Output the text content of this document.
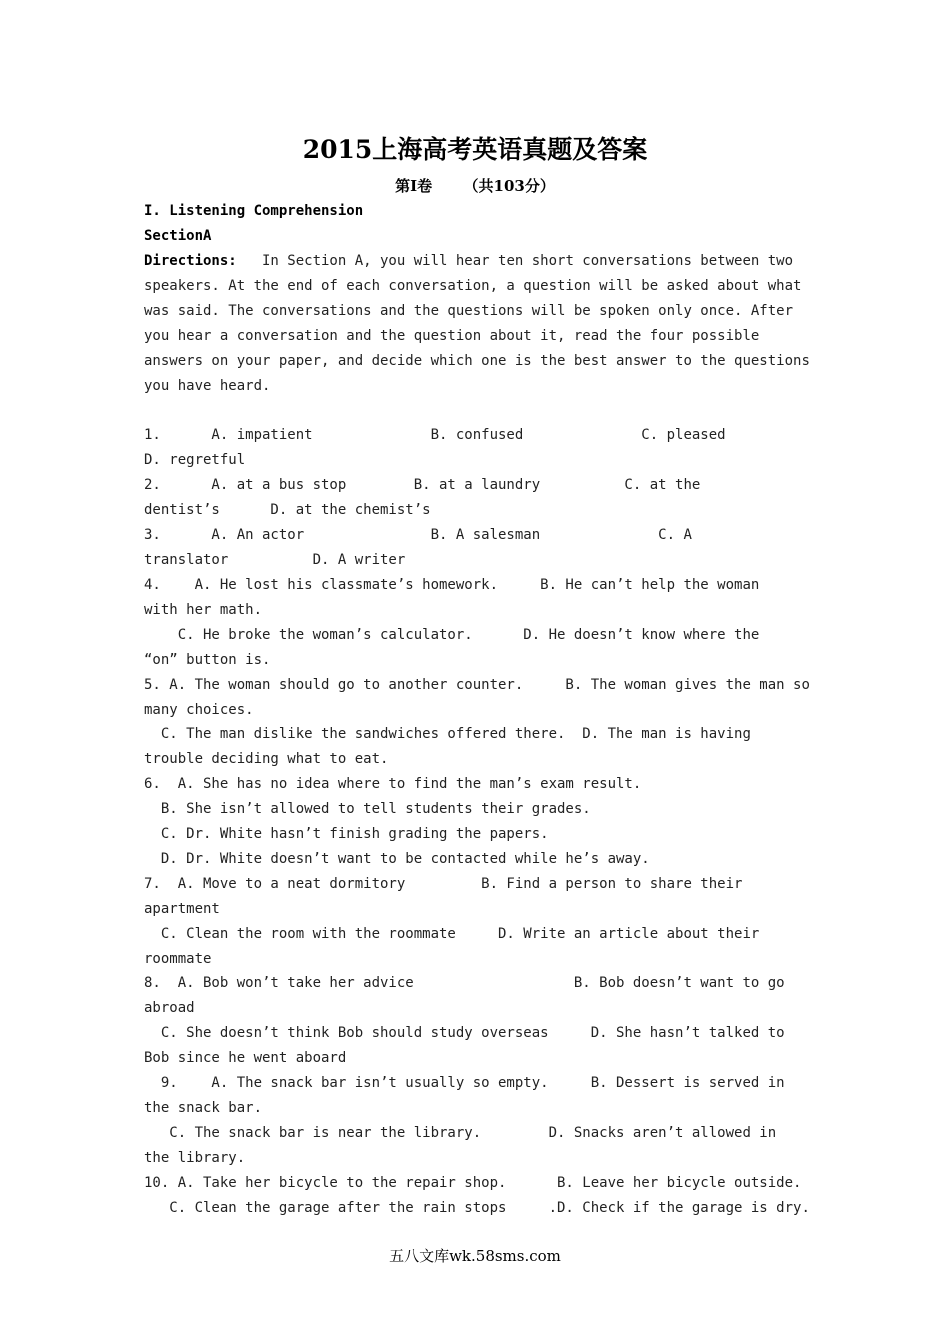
2015上海高考英语真题及答案
第Ⅰ卷      （共103分）
I. Listening Comprehension
SectionA
Directions:   In Section A, you will hear ten short conversations between two
speakers. At the end of each conversation, a question will be asked about what
was said. The conversations and the questions will be spoken only once. After
you hear a conversation and the question about it, read the four possible
answers on your paper, and decide which one is the best answer to the questions
you have heard.
1.      A. impatient              B. confused              C. pleased
D. regretful
2.      A. at a bus stop        B. at a laundry          C. at the
dentist’s      D. at the chemist’s
3.      A. An actor               B. A salesman              C. A
translator          D. A writer
4.    A. He lost his classmate’s homework.     B. He can’t help the woman
with her math.
C. He broke the woman’s calculator.      D. He doesn’t know where the
“on” button is.
5. A. The woman should go to another counter.     B. The woman gives the man so
many choices.
C. The man dislike the sandwiches offered there.  D. The man is having
trouble deciding what to eat.
6.  A. She has no idea where to find the man’s exam result.
B. She isn’t allowed to tell students their grades.
C. Dr. White hasn’t finish grading the papers.
D. Dr. White doesn’t want to be contacted while he’s away.
7.  A. Move to a neat dormitory         B. Find a person to share their
apartment
C. Clean the room with the roommate     D. Write an article about their
roommate
8.  A. Bob won’t take her advice                   B. Bob doesn’t want to go
abroad
C. She doesn’t think Bob should study overseas     D. She hasn’t talked to
Bob since he went aboard
9.    A. The snack bar isn’t usually so empty.     B. Dessert is served in
the snack bar.
C. The snack bar is near the library.        D. Snacks aren’t allowed in
the library.
10. A. Take her bicycle to the repair shop.      B. Leave her bicycle outside.
C. Clean the garage after the rain stops     .D. Check if the garage is dry.
五八文库wk.58sms.com
